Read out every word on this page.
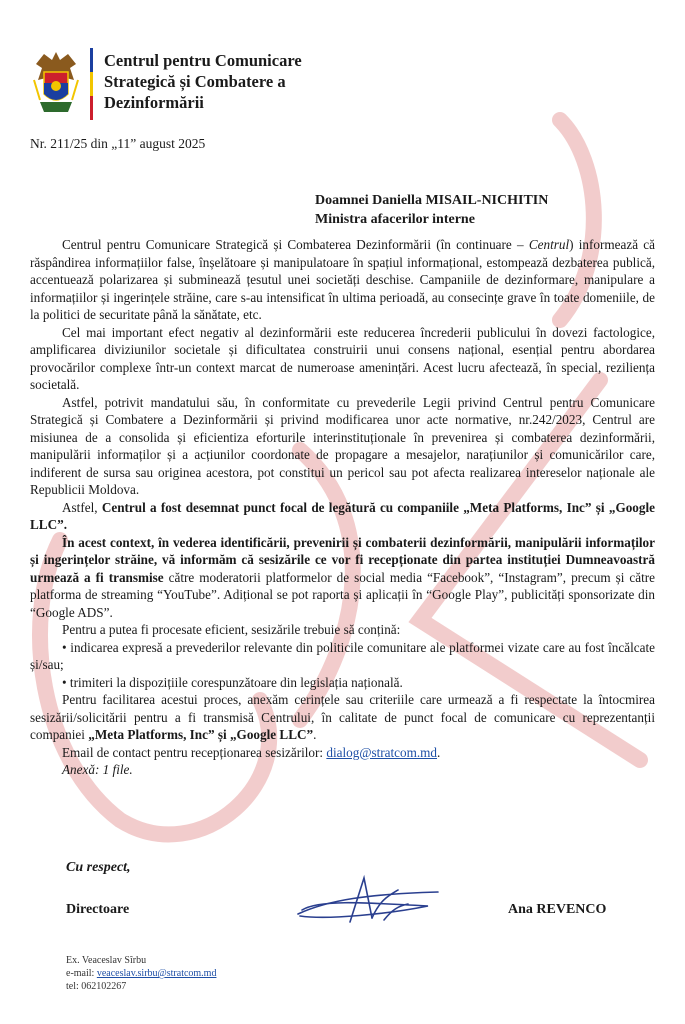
Centrul pentru Comunicare
Strategică și Combatere a
Dezinformării
Nr. 211/25 din „11” august 2025
Doamnei Daniella MISAIL-NICHITIN
Ministra afacerilor interne

Centrul pentru Comunicare Strategică și Combaterea Dezinformării (în continuare – Centrul) informează că răspândirea informațiilor false, înșelătoare și manipulatoare în spațiul informațional, estompează dezbaterea publică, accentuează polarizarea și subminează țesutul unei societăți deschise. Campaniile de dezinformare, manipulare a informațiilor și ingerințele străine, care s-au intensificat în ultima perioadă, au consecințe grave în toate domeniile, de la politici de securitate până la sănătate, etc.

Cel mai important efect negativ al dezinformării este reducerea încrederii publicului în dovezi factologice, amplificarea diviziunilor societale și dificultatea construirii unui consens național, esențial pentru abordarea provocărilor complexe într-un context marcat de numeroase amenințări. Acest lucru afectează, în special, reziliența societală.

Astfel, potrivit mandatului său, în conformitate cu prevederile Legii privind Centrul pentru Comunicare Strategică și Combatere a Dezinformării și privind modificarea unor acte normative, nr.242/2023, Centrul are misiunea de a consolida și eficientiza eforturile interinstituționale în prevenirea și combaterea dezinformării, manipulării informaților și a acțiunilor coordonate de propagare a mesajelor, narațiunilor și comunicărilor care, indiferent de sursa sau originea acestora, pot constitui un pericol sau pot afecta realizarea intereselor naționale ale Republicii Moldova.

Astfel, Centrul a fost desemnat punct focal de legătură cu companiile „Meta Platforms, Inc” și „Google LLC”.

În acest context, în vederea identificării, prevenirii și combaterii dezinformării, manipulării informaților și ingerințelor străine, vă informăm că sesizările ce vor fi recepționate din partea instituției Dumneavoastră urmează a fi transmise către moderatorii platformelor de social media “Facebook”, “Instagram”, precum și către platforma de streaming “YouTube”. Adițional se pot raporta și aplicații în “Google Play”, publicități sponsorizate din “Google ADS”.

Pentru a putea fi procesate eficient, sesizările trebuie să conțină:

• indicarea expresă a prevederilor relevante din politicile comunitare ale platformei vizate care au fost încălcate și/sau;

• trimiteri la dispozițiile corespunzătoare din legislația națională.

Pentru facilitarea acestui proces, anexăm cerințele sau criteriile care urmează a fi respectate la întocmirea sesizării/solicitării pentru a fi transmisă Centrului, în calitate de punct focal de comunicare cu reprezentanții companiei „Meta Platforms, Inc” și „Google LLC”.

Email de contact pentru recepționarea sesizărilor: dialog@stratcom.md.

Anexă: 1 file.

Cu respect,
Directoare	Ana REVENCO
Ex. Veaceslav Sîrbu
e-mail: veaceslav.sirbu@stratcom.md
tel: 062102267
